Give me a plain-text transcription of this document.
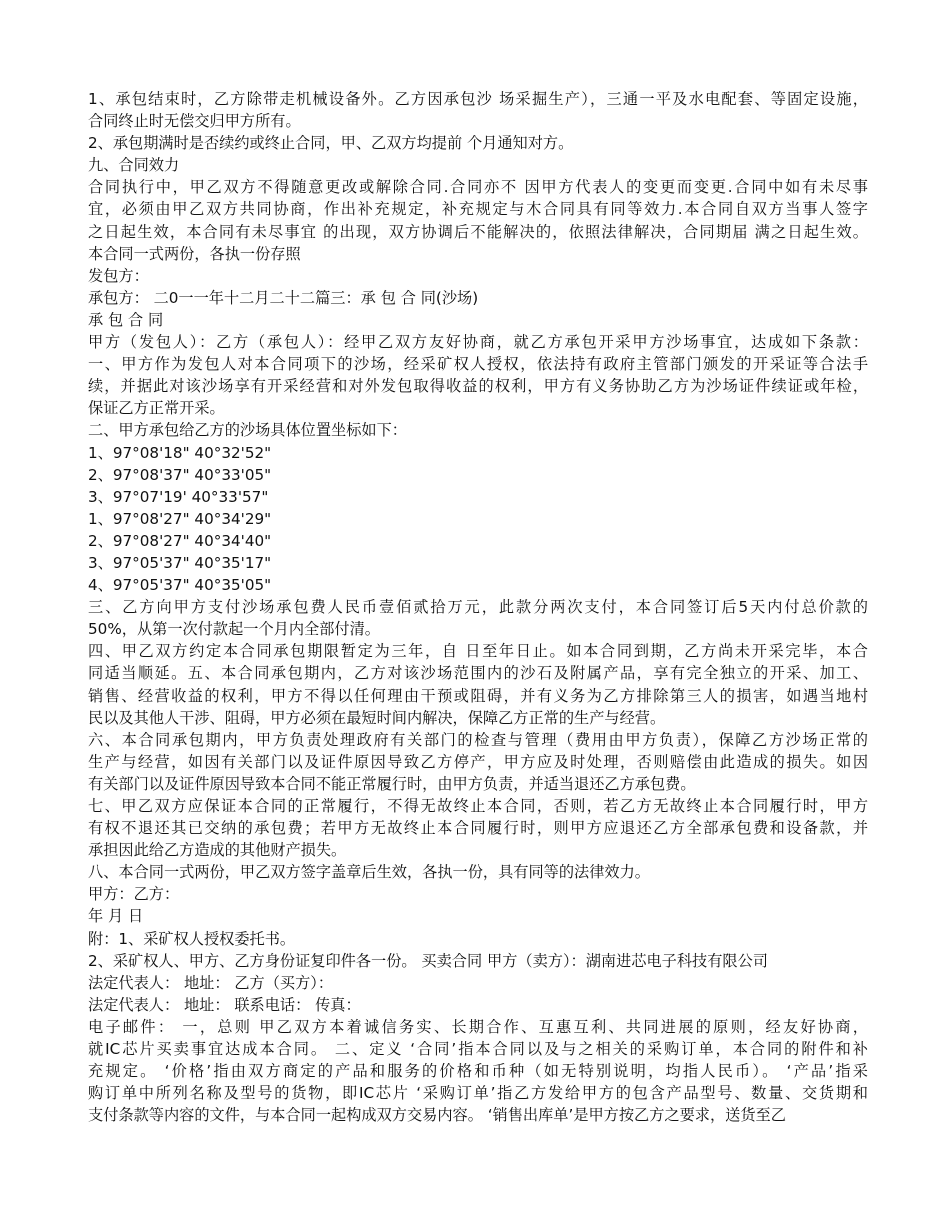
1、承包结束时，乙方除带走机械设备外。乙方因承包沙 场采掘生产），三通一平及水电配套、等固定设施，
合同终止时无偿交归甲方所有。
2、承包期满时是否续约或终止合同，甲、乙双方均提前 个月通知对方。
九、合同效力
合同执行中，甲乙双方不得随意更改或解除合同.合同亦不 因甲方代表人的变更而变更.合同中如有未尽事
宜，必须由甲乙双方共同协商，作出补充规定，补充规定与木合同具有同等效力.本合同自双方当事人签字
之日起生效，本合同有未尽事宜 的出现，双方协调后不能解决的，依照法律解决，合同期届 满之日起生效。
本合同一式两份，各执一份存照
发包方：
承包方： 二0一一年十二月二十二篇三：承 包 合 同(沙场)
承 包 合 同
甲方（发包人）：乙方（承包人）：经甲乙双方友好协商，就乙方承包开采甲方沙场事宜，达成如下条款：
一、甲方作为发包人对本合同项下的沙场，经采矿权人授权，依法持有政府主管部门颁发的开采证等合法手
续，并据此对该沙场享有开采经营和对外发包取得收益的权利，甲方有义务协助乙方为沙场证件续证或年检，
保证乙方正常开采。
二、甲方承包给乙方的沙场具体位置坐标如下：
1、97°08'18" 40°32'52"
2、97°08'37" 40°33'05"
3、97°07'19' 40°33'57"
1、97°08'27" 40°34'29"
2、97°08'27" 40°34'40"
3、97°05'37" 40°35'17"
4、97°05'37" 40°35'05"
三、乙方向甲方支付沙场承包费人民币壹佰贰拾万元，此款分两次支付，本合同签订后5天内付总价款的
50%，从第一次付款起一个月内全部付清。
四、甲乙双方约定本合同承包期限暂定为三年，自 日至年日止。如本合同到期，乙方尚未开采完毕，本合
同适当顺延。五、本合同承包期内，乙方对该沙场范围内的沙石及附属产品，享有完全独立的开采、加工、
销售、经营收益的权利，甲方不得以任何理由干预或阻碍，并有义务为乙方排除第三人的损害，如遇当地村
民以及其他人干涉、阻碍，甲方必须在最短时间内解决，保障乙方正常的生产与经营。
六、本合同承包期内，甲方负责处理政府有关部门的检查与管理（费用由甲方负责），保障乙方沙场正常的
生产与经营，如因有关部门以及证件原因导致乙方停产，甲方应及时处理，否则赔偿由此造成的损失。如因
有关部门以及证件原因导致本合同不能正常履行时，由甲方负责，并适当退还乙方承包费。
七、甲乙双方应保证本合同的正常履行，不得无故终止本合同，否则，若乙方无故终止本合同履行时，甲方
有权不退还其已交纳的承包费；若甲方无故终止本合同履行时，则甲方应退还乙方全部承包费和设备款，并
承担因此给乙方造成的其他财产损失。
八、本合同一式两份，甲乙双方签字盖章后生效，各执一份，具有同等的法律效力。
甲方：乙方：
年 月 日
附：1、采矿权人授权委托书。
2、采矿权人、甲方、乙方身份证复印件各一份。 买卖合同 甲方（卖方）：湖南进芯电子科技有限公司
法定代表人： 地址： 乙方（买方）：
法定代表人： 地址： 联系电话： 传真：
电子邮件： 一，总则 甲乙双方本着诚信务实、长期合作、互惠互利、共同进展的原则，经友好协商，
就IC芯片买卖事宜达成本合同。 二、定义 ‘合同’指本合同以及与之相关的采购订单，本合同的附件和补
充规定。 ‘价格’指由双方商定的产品和服务的价格和币种（如无特别说明，均指人民币）。 ‘产品’指采
购订单中所列名称及型号的货物，即IC芯片 ‘采购订单’指乙方发给甲方的包含产品型号、数量、交货期和
支付条款等内容的文件，与本合同一起构成双方交易内容。 ‘销售出库单’是甲方按乙方之要求，送货至乙
